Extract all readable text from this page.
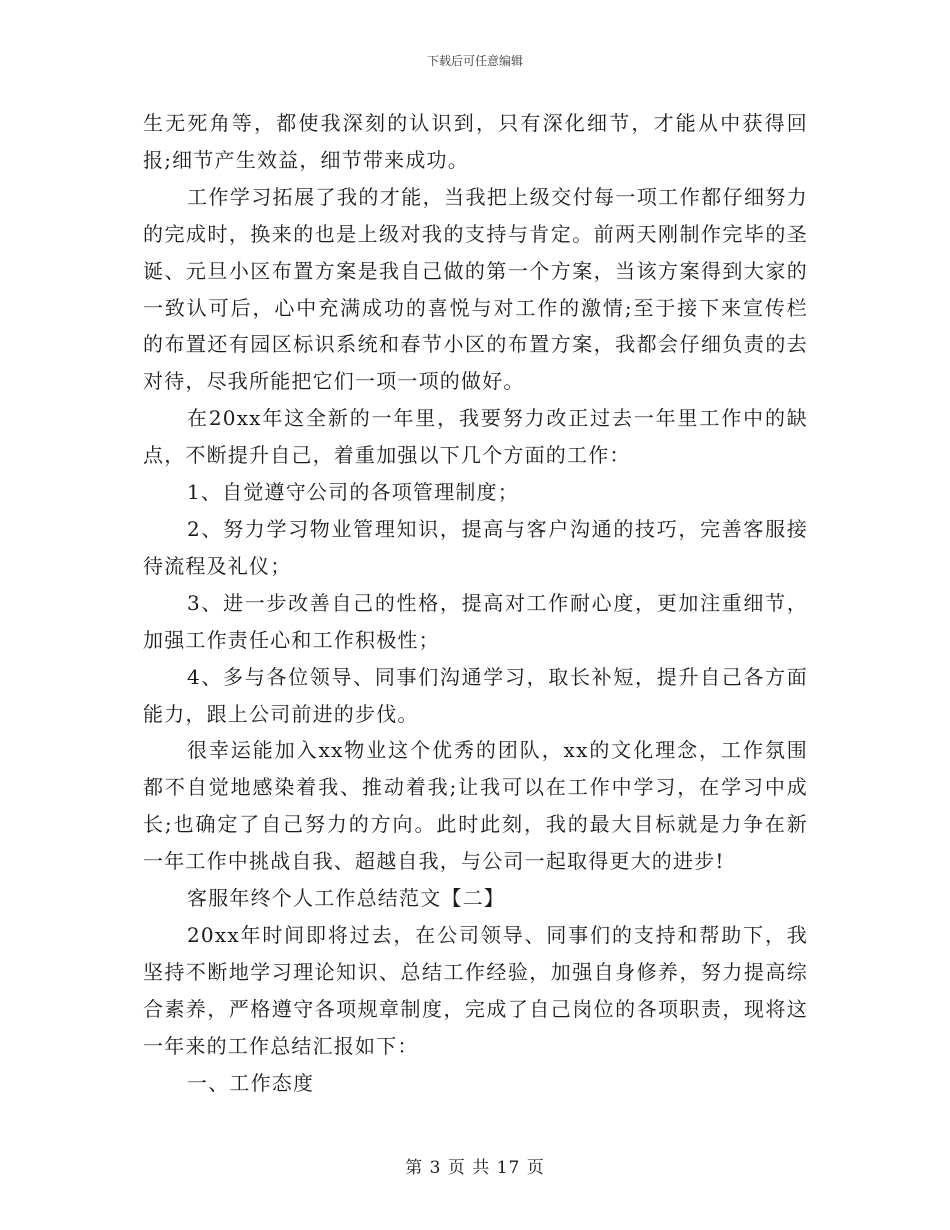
下载后可任意编辑

生无死角等，都使我深刻的认识到，只有深化细节，才能从中获得回报;细节产生效益，细节带来成功。

工作学习拓展了我的才能，当我把上级交付每一项工作都仔细努力的完成时，换来的也是上级对我的支持与肯定。前两天刚制作完毕的圣诞、元旦小区布置方案是我自己做的第一个方案，当该方案得到大家的一致认可后，心中充满成功的喜悦与对工作的激情;至于接下来宣传栏的布置还有园区标识系统和春节小区的布置方案，我都会仔细负责的去对待，尽我所能把它们一项一项的做好。

在20xx年这全新的一年里，我要努力改正过去一年里工作中的缺点，不断提升自己，着重加强以下几个方面的工作：

1、自觉遵守公司的各项管理制度；

2、努力学习物业管理知识，提高与客户沟通的技巧，完善客服接待流程及礼仪；

3、进一步改善自己的性格，提高对工作耐心度，更加注重细节，加强工作责任心和工作积极性；

4、多与各位领导、同事们沟通学习，取长补短，提升自己各方面能力，跟上公司前进的步伐。

很幸运能加入xx物业这个优秀的团队，xx的文化理念，工作氛围都不自觉地感染着我、推动着我;让我可以在工作中学习，在学习中成长;也确定了自己努力的方向。此时此刻，我的最大目标就是力争在新一年工作中挑战自我、超越自我，与公司一起取得更大的进步!

客服年终个人工作总结范文【二】

20xx年时间即将过去，在公司领导、同事们的支持和帮助下，我坚持不断地学习理论知识、总结工作经验，加强自身修养，努力提高综合素养，严格遵守各项规章制度，完成了自己岗位的各项职责，现将这一年来的工作总结汇报如下：

一、工作态度

第 3 页 共 17 页
